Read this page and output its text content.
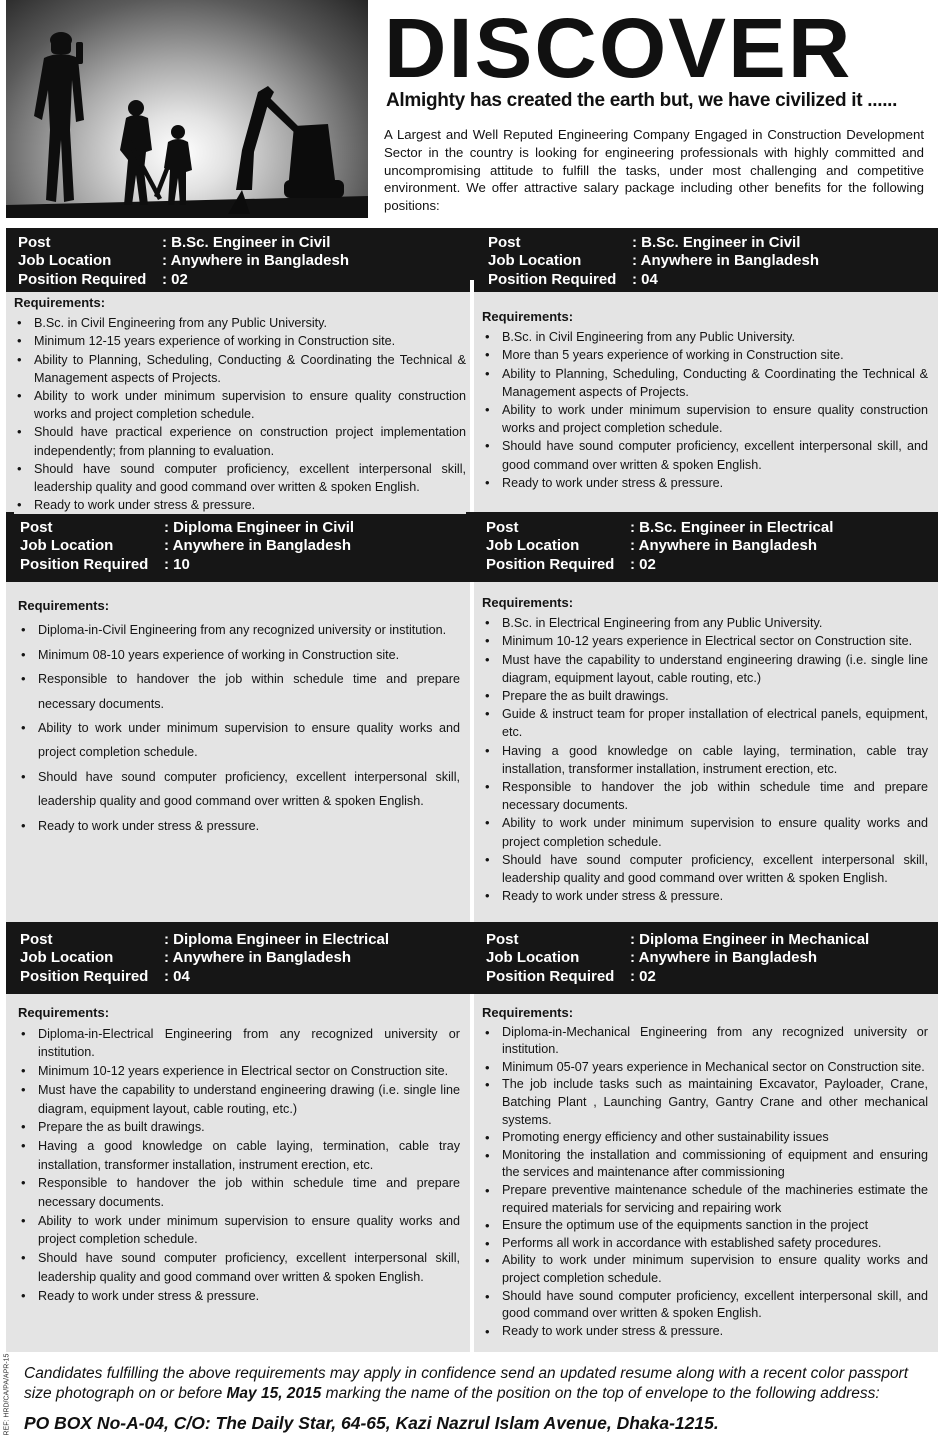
DISCOVER
Almighty has created the earth but, we have civilized it ......
A Largest and Well Reputed Engineering Company Engaged in Construction Development Sector in the country is looking for engineering professionals with highly committed and uncompromising attitude to fulfill the tasks, under most challenging and competitive environment. We offer attractive salary package including other benefits for the following positions:
Post	: B.Sc. Engineer in Civil
Job Location	: Anywhere in Bangladesh
Position Required	: 02
Requirements:
• B.Sc. in Civil Engineering from any Public University.
• Minimum 12-15 years experience of working in Construction site.
• Ability to Planning, Scheduling, Conducting & Coordinating the Technical & Management aspects of Projects.
• Ability to work under minimum supervision to ensure quality construction works and project completion schedule.
• Should have practical experience on construction project implementation independently; from planning to evaluation.
• Should have sound computer proficiency, excellent interpersonal skill, leadership quality and good command over written & spoken English.
• Ready to work under stress & pressure.
Post	: B.Sc. Engineer in Civil
Job Location	: Anywhere in Bangladesh
Position Required	: 04
Requirements:
• B.Sc. in Civil Engineering from any Public University.
• More than 5 years experience of working in Construction site.
• Ability to Planning, Scheduling, Conducting & Coordinating the Technical & Management aspects of Projects.
• Ability to work under minimum supervision to ensure quality construction works and project completion schedule.
• Should have sound computer proficiency, excellent interpersonal skill, and good command over written & spoken English.
• Ready to work under stress & pressure.
Post	: Diploma Engineer in Civil
Job Location	: Anywhere in Bangladesh
Position Required	: 10
Requirements:
• Diploma-in-Civil Engineering from any recognized university or institution.
• Minimum 08-10 years experience of working in Construction site.
• Responsible to handover the job within schedule time and prepare necessary documents.
• Ability to work under minimum supervision to ensure quality works and project completion schedule.
• Should have sound computer proficiency, excellent interpersonal skill, leadership quality and good command over written & spoken English.
• Ready to work under stress & pressure.
Post	: B.Sc. Engineer in Electrical
Job Location	: Anywhere in Bangladesh
Position Required	: 02
Requirements:
• B.Sc. in Electrical Engineering from any Public University.
• Minimum 10-12 years experience in Electrical sector on Construction site.
• Must have the capability to understand engineering drawing (i.e. single line diagram, equipment layout, cable routing, etc.)
• Prepare the as built drawings.
• Guide & instruct team for proper installation of electrical panels, equipment, etc.
• Having a good knowledge on cable laying, termination, cable tray installation, transformer installation, instrument erection, etc.
• Responsible to handover the job within schedule time and prepare necessary documents.
• Ability to work under minimum supervision to ensure quality works and project completion schedule.
• Should have sound computer proficiency, excellent interpersonal skill, leadership quality and good command over written & spoken English.
• Ready to work under stress & pressure.
Post	: Diploma Engineer in Electrical
Job Location	: Anywhere in Bangladesh
Position Required	: 04
Requirements:
• Diploma-in-Electrical Engineering from any recognized university or institution.
• Minimum 10-12 years experience in Electrical sector on Construction site.
• Must have the capability to understand engineering drawing (i.e. single line diagram, equipment layout, cable routing, etc.)
• Prepare the as built drawings.
• Having a good knowledge on cable laying, termination, cable tray installation, transformer installation, instrument erection, etc.
• Responsible to handover the job within schedule time and prepare necessary documents.
• Ability to work under minimum supervision to ensure quality works and project completion schedule.
• Should have sound computer proficiency, excellent interpersonal skill, leadership quality and good command over written & spoken English.
• Ready to work under stress & pressure.
Post	: Diploma Engineer in Mechanical
Job Location	: Anywhere in Bangladesh
Position Required	: 02
Requirements:
• Diploma-in-Mechanical Engineering from any recognized university or institution.
• Minimum 05-07 years experience in Mechanical sector on Construction site.
• The job include tasks such as maintaining Excavator, Payloader, Crane, Batching Plant , Launching Gantry, Gantry Crane and other mechanical systems.
• Promoting energy efficiency and other sustainability issues
• Monitoring the installation and commissioning of equipment and ensuring the services and maintenance after commissioning
• Prepare preventive maintenance schedule of the machineries estimate the required materials for servicing and repairing work
• Ensure the optimum use of the equipments sanction in the project
• Performs all work in accordance with established safety procedures.
• Ability to work under minimum supervision to ensure quality works and project completion schedule.
• Should have sound computer proficiency, excellent interpersonal skill, and good command over written & spoken English.
• Ready to work under stress & pressure.
REF: HRD/CA/PA/APR-15 Candidates fulfilling the above requirements may apply in confidence send an updated resume along with a recent color passport size photograph on or before May 15, 2015 marking the name of the position on the top of envelope to the following address:
PO BOX No-A-04, C/O: The Daily Star, 64-65, Kazi Nazrul Islam Avenue, Dhaka-1215.
